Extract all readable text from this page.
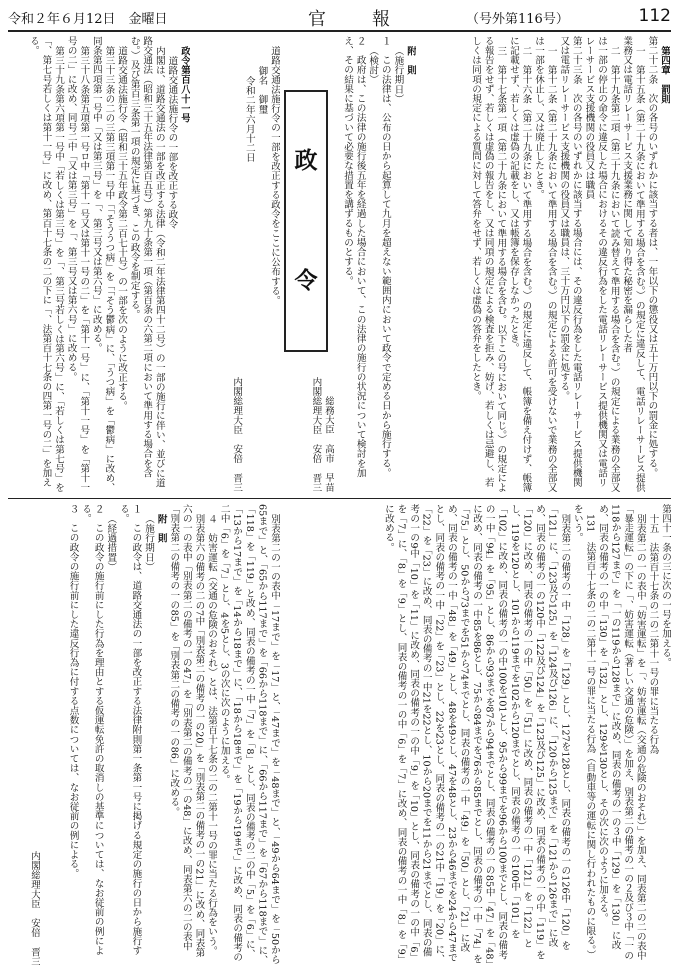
令和２年６月12日　金曜日	官　報	（号外第116号）	112

第四章　罰則

第二十二条　次の各号のいずれかに該当する者は、一年以下の懲役又は五十万円以下の罰金に処する。

一　第十五条（第二十九条において準用する場合を含む。）の規定に違反して、電話リレーサービス提供業務又は電話リレーサービス支援業務に関して知り得た秘密を漏らした者

二　第十九条第二項（第二十九条において読み替えて準用する場合を含む。）の規定による業務の全部又は一部の停止の命令に違反した場合におけるその違反行為をした電話リレーサービス提供機関又は電話リレーサービス支援機関の役員又は職員

第二十三条　次の各号のいずれかに該当する場合には、その違反行為をした電話リレーサービス提供機関又は電話リレーサービス支援機関の役員又は職員は、三十万円以下の罰金に処する。

一　第十二条（第二十九条において準用する場合を含む。）の規定による許可を受けないで業務の全部又は一部を休止し、又は廃止したとき。

二　第十六条（第二十九条において準用する場合を含む。）の規定に違反して、帳簿を備え付けず、帳簿に記載せず、若しくは虚偽の記載をし、又は帳簿を保存しなかったとき。

三　第十七条第一項（第二十九条において準用する場合を含む。以下この号において同じ。）の規定による報告をせず、若しくは虚偽の報告をし、又は同項の規定による検査を拒み、妨げ、若しくは忌避し、若しくは同項の規定による質問に対して答弁をせず、若しくは虚偽の答弁をしたとき。

附　則

（施行期日）

１　この法律は、公布の日から起算して九月を超えない範囲内において政令で定める日から施行する。

（検討）

２　政府は、この法律の施行後五年を経過した場合において、この法律の施行の状況について検討を加え、その結果に基づいて必要な措置を講ずるものとする。

総務大臣　高市　早苗

内閣総理大臣　安倍　晋三

政
令

道路交通法施行令の一部を改正する政令をここに公布する。

御名　御璽

令和二年六月十二日

内閣総理大臣　安倍　晋三

政令第百八十一号

道路交通法施行令の一部を改正する政令

内閣は、道路交通法の一部を改正する法律（令和二年法律第四十二号）の一部の施行に伴い、並びに道路交通法（昭和三十五年法律第百五号）第九十条第一項（第百条の六第二項において準用する場合を含む。）及び第百三条第一項の規定に基づき、この政令を制定する。

道路交通法施行令（昭和三十五年政令第二百七十号）の一部を次のように改正する。

第三十三条の二の三第三項第一号中「「そううつ病」を「「そう鬱病」に、「うつ病」を「鬱病」に改め、同条第四項第一号中「又は第三号」を「、第三号又は第六号」に改める。

第三十八条第五項第一号ロ中「第十一号又は第十一号の二」を「第十一号」に、「第十一号」を「第十一号の二」に改め、同号二中「又は第三号」を「、第三号又は第六号」に改める。

第三十九条第六項第一号中「若しくは第三号」を「、第三号若しくは第六号」に、「若しくは第七号」を「、第七号若しくは第十一号」に改め、第百十七条の二の下に「、法第百十七条の四第一号の二」を加える。

第四十一条の三に次の一号を加える。

十五　法第百十七条の二の二第十一号の罪に当たる行為

別表第二の一の表中「妨害運転」を「、妨害運転（交通の危険のおそれ）」を加え、同表第二の二の表中「暴走運転」の下に「、妨害運転（著しい交通の危険）」を加え、別表第二の備考の一の２及び３中「一の118から127まで」を「一の119から128まで」に改め、同表の備考の一の３中「129」を「130」に改め、同表の備考の一の中「130」を「132」とし、129を130とし、その次に次のように加える。

131　法第百十七条の二の二第十一号の罪に当たる行為（自動車等の運転に関し行われたものに限る。）をいう。

別表第二の備考の一中「128」を「129」とし、127を128とし、同表の備考の一の126中「120」を「121」に、「123及び125」を「124及び126」に、「120から125まで」を「121から126まで」に改め、同表の備考の一の120中「122及び124」を「123及び125」に改め、同表の備考の一の中「119」を「120」に改め、同表の備考の一の中「50」を「51」に改め、同表の備考の一中「121」を「122」とし、119を120とし、101から119までを102から120までとし、同表の備考の一の100中「101」を「102」に改め、同表の備考の一の中100を101とし、95から99までを96から100までとし、同表の備考の一中「94」を「95」とし、86から93までを87から94までとし、同表の備考の一の85中「47」を「48」に改め、同表の備考の一中85を86とし、75から84までを76から85までとし、同表の備考の一中「74」を「75」とし、50から73までを51から74までとし、同表の備考の一中「49」を「50」とし、「21」に改め、同表の備考の一中「48」を「49」とし、48を49とし、47を48とし、23から46までを24から47までとし、同表の備考の一中「22」を「23」とし、22を23とし、同表の備考の一の21中「19」を「20」に、「22」を「23」に改め、同表の備考の一中21を22とし、10から20までを11から21までとし、同表の備考の一の9中「10」を「11」に改め、同表の備考の一の中「9」を「10」とし、同表の備考の一の中「6」を「7」に、「8」を「9」とし、同表の備考の一の中「6」を「7」に改め、同表の備考の一中「8」を「9」に改める。

別表第二の一の表中「17まで」を「17」と、「47まで」を「48まで」と、「49から64まで」を「50から65まで」と、「65から117まで」を「66から118まで」に、「66から117まで」を「67から118まで」に、「118」を「119」と改め、同表の備考の一中「7」を「8」とし、同表の備考の二の中「5」を「6」に、「13から17まで」を「14から18まで」に、「18から18まで」を「19から19まで」に改め、同表の備考の二中「6」を「7」とし、4を5とし、3の次に次のように加える。

４　妨害運転（交通の危険のおそれ）とは、法第百十七条の二の二第十一号の罪に当たる行為をいう。

別表第六の備考の二の7中「別表第二の備考の一の20」を「別表第二の備考の一の21」に改め、同表第六の一の表中「別表第二の備考の一の47」を「別表第二の備考の一の48」に改め、同表第六の二の表中「別表第二の備考の一の85」を「別表第二の備考の一の86」に改める。

附　則

（施行期日）

１　この政令は、道路交通法の一部を改正する法律附則第一条第一号に掲げる規定の施行の日から施行する。

（経過措置）

２　この政令の施行前にした行為を理由とする仮運転免許の取消しの基準については、なお従前の例による。

３　この政令の施行前にした違反行為に付する点数については、なお従前の例による。

内閣総理大臣　安倍　晋三
